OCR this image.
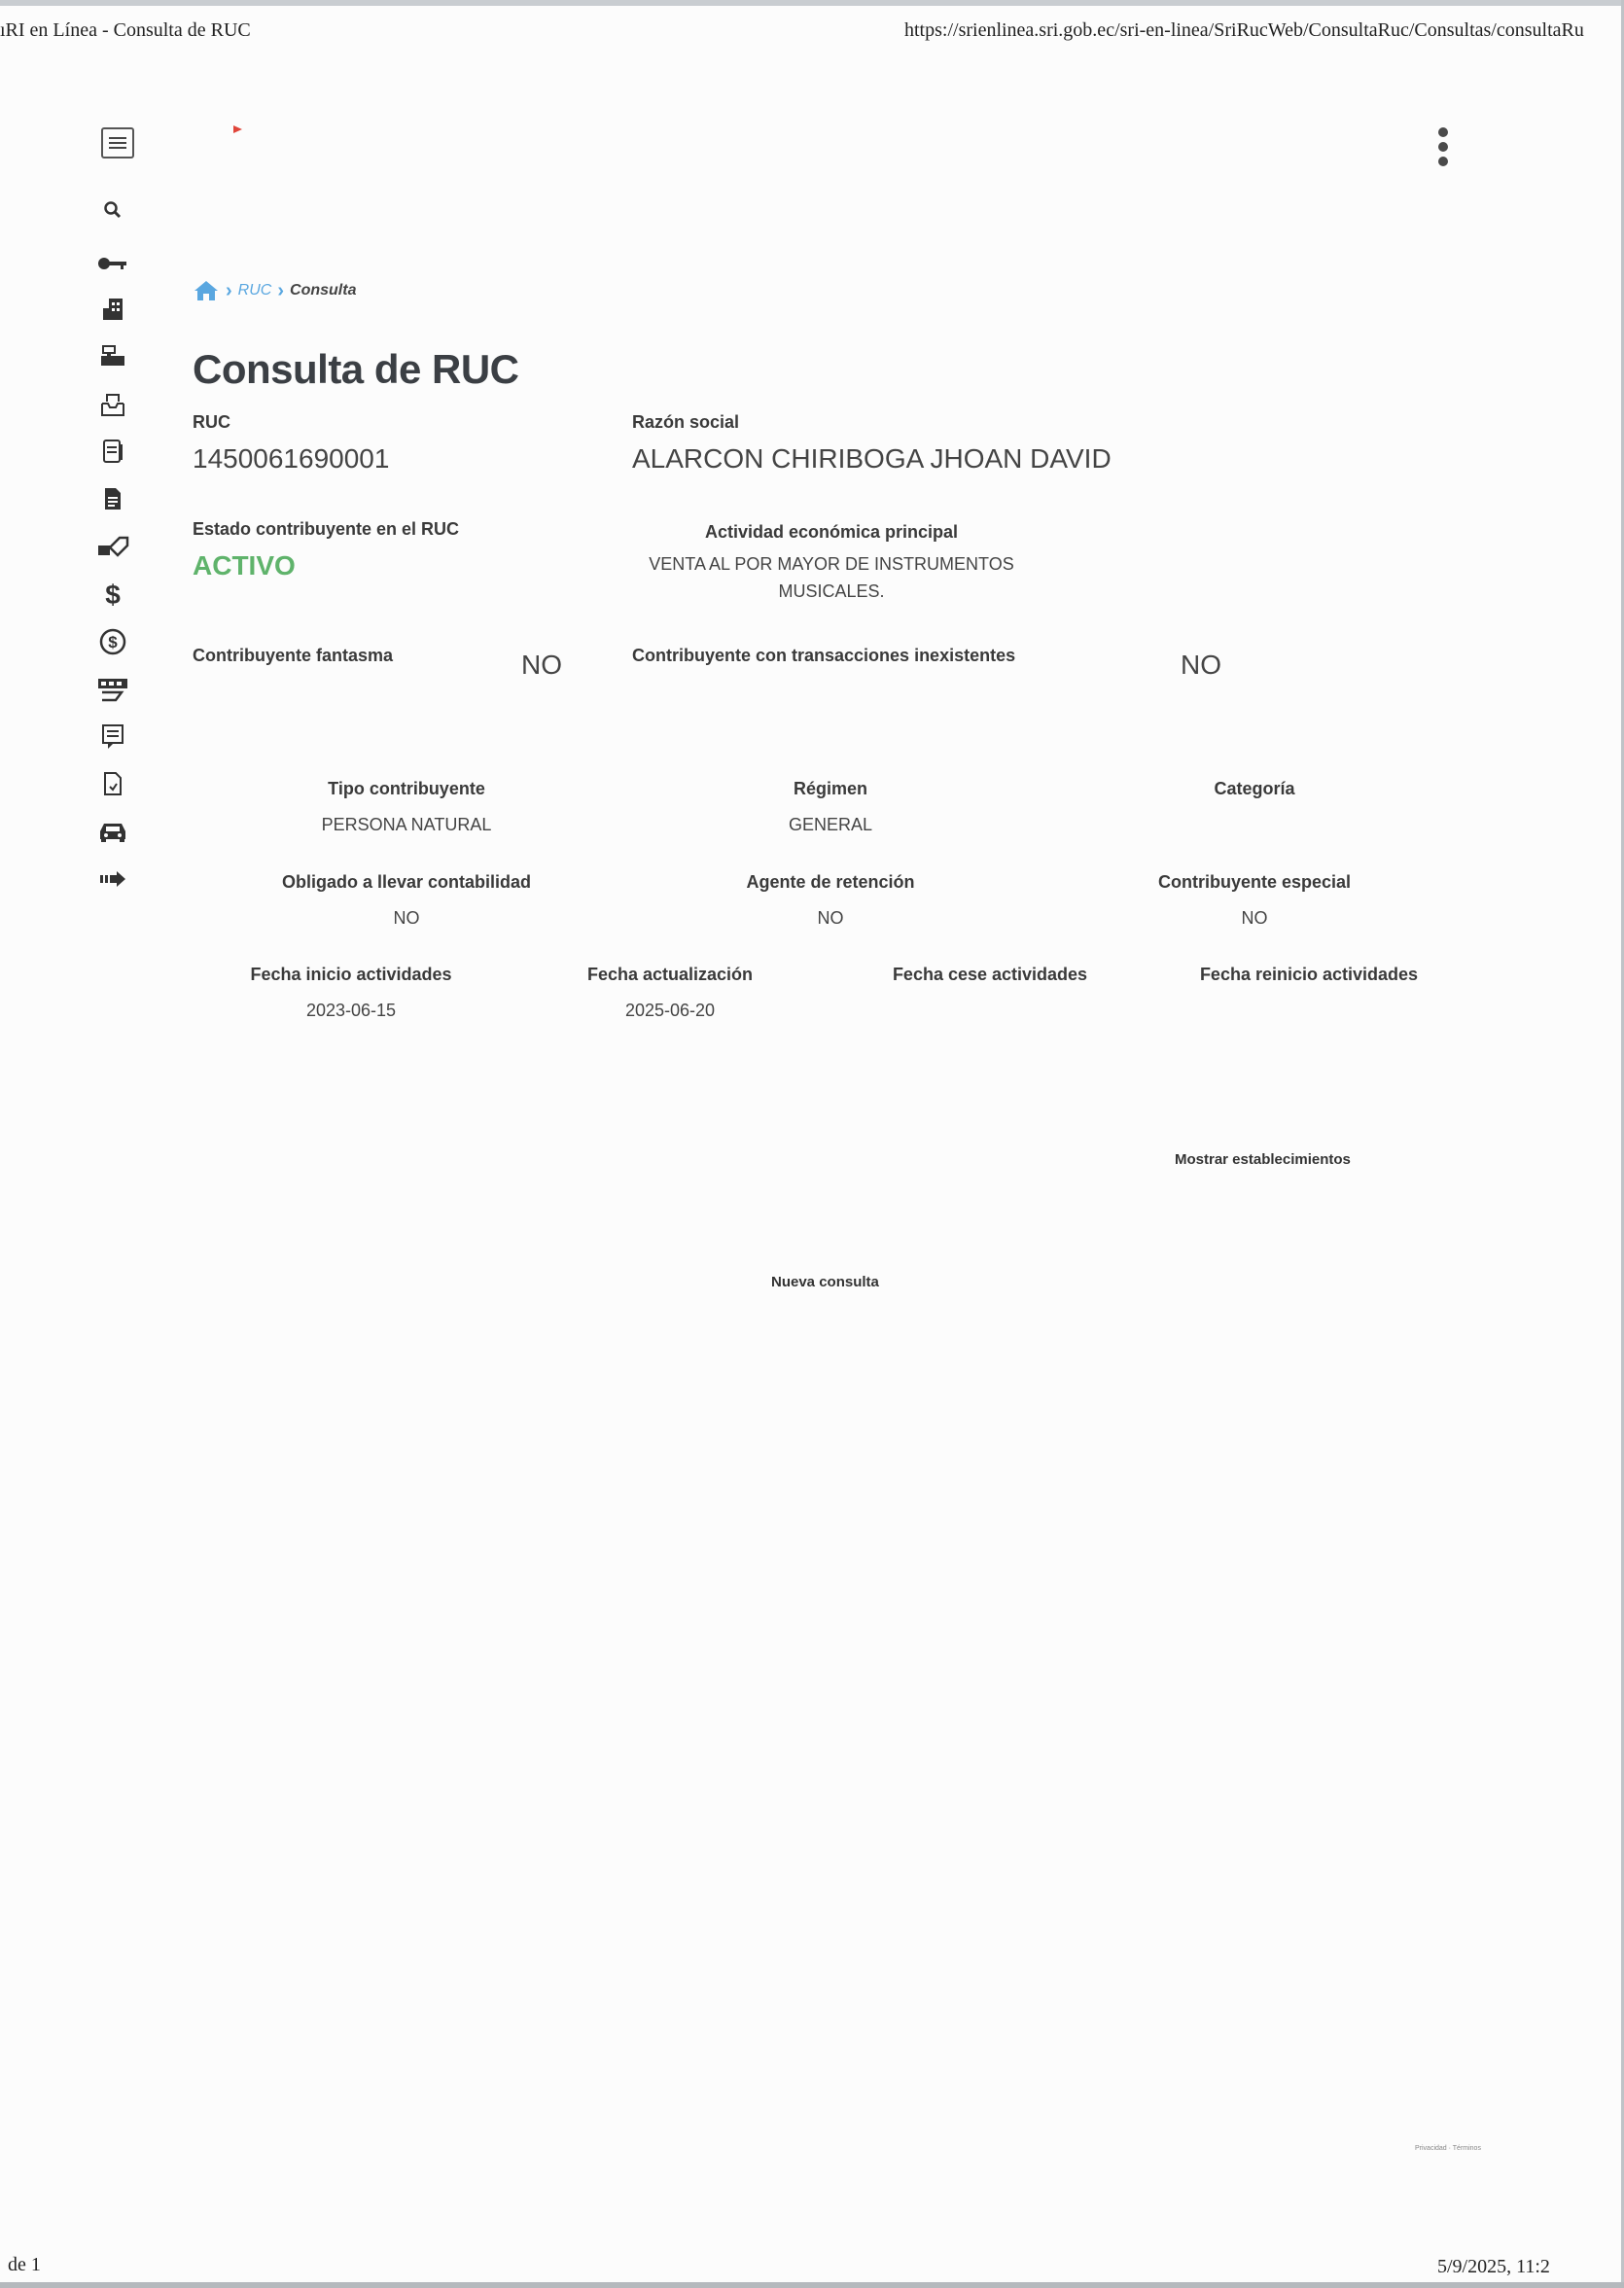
ıRI en Línea - Consulta de RUC	https://srienlinea.sri.gob.ec/sri-en-linea/SriRucWeb/ConsultaRuc/Consultas/consultaRu
de 1	5/9/2025, 11:2
$
$
› RUC › Consulta
Consulta de RUC
RUC
1450061690001
Razón social
ALARCON CHIRIBOGA JHOAN DAVID
Estado contribuyente en el RUC
ACTIVO
Actividad económica principal
VENTA AL POR MAYOR DE INSTRUMENTOS
MUSICALES.
Contribuyente fantasma	NO	Contribuyente con transacciones inexistentes	NO
Tipo contribuyente
PERSONA NATURAL
Régimen
GENERAL
Categoría
Obligado a llevar contabilidad
NO
Agente de retención
NO
Contribuyente especial
NO
Fecha inicio actividades
2023-06-15
Fecha actualización
2025-06-20
Fecha cese actividades	Fecha reinicio actividades
Mostrar establecimientos
Nueva consulta
Privacidad · Términos
